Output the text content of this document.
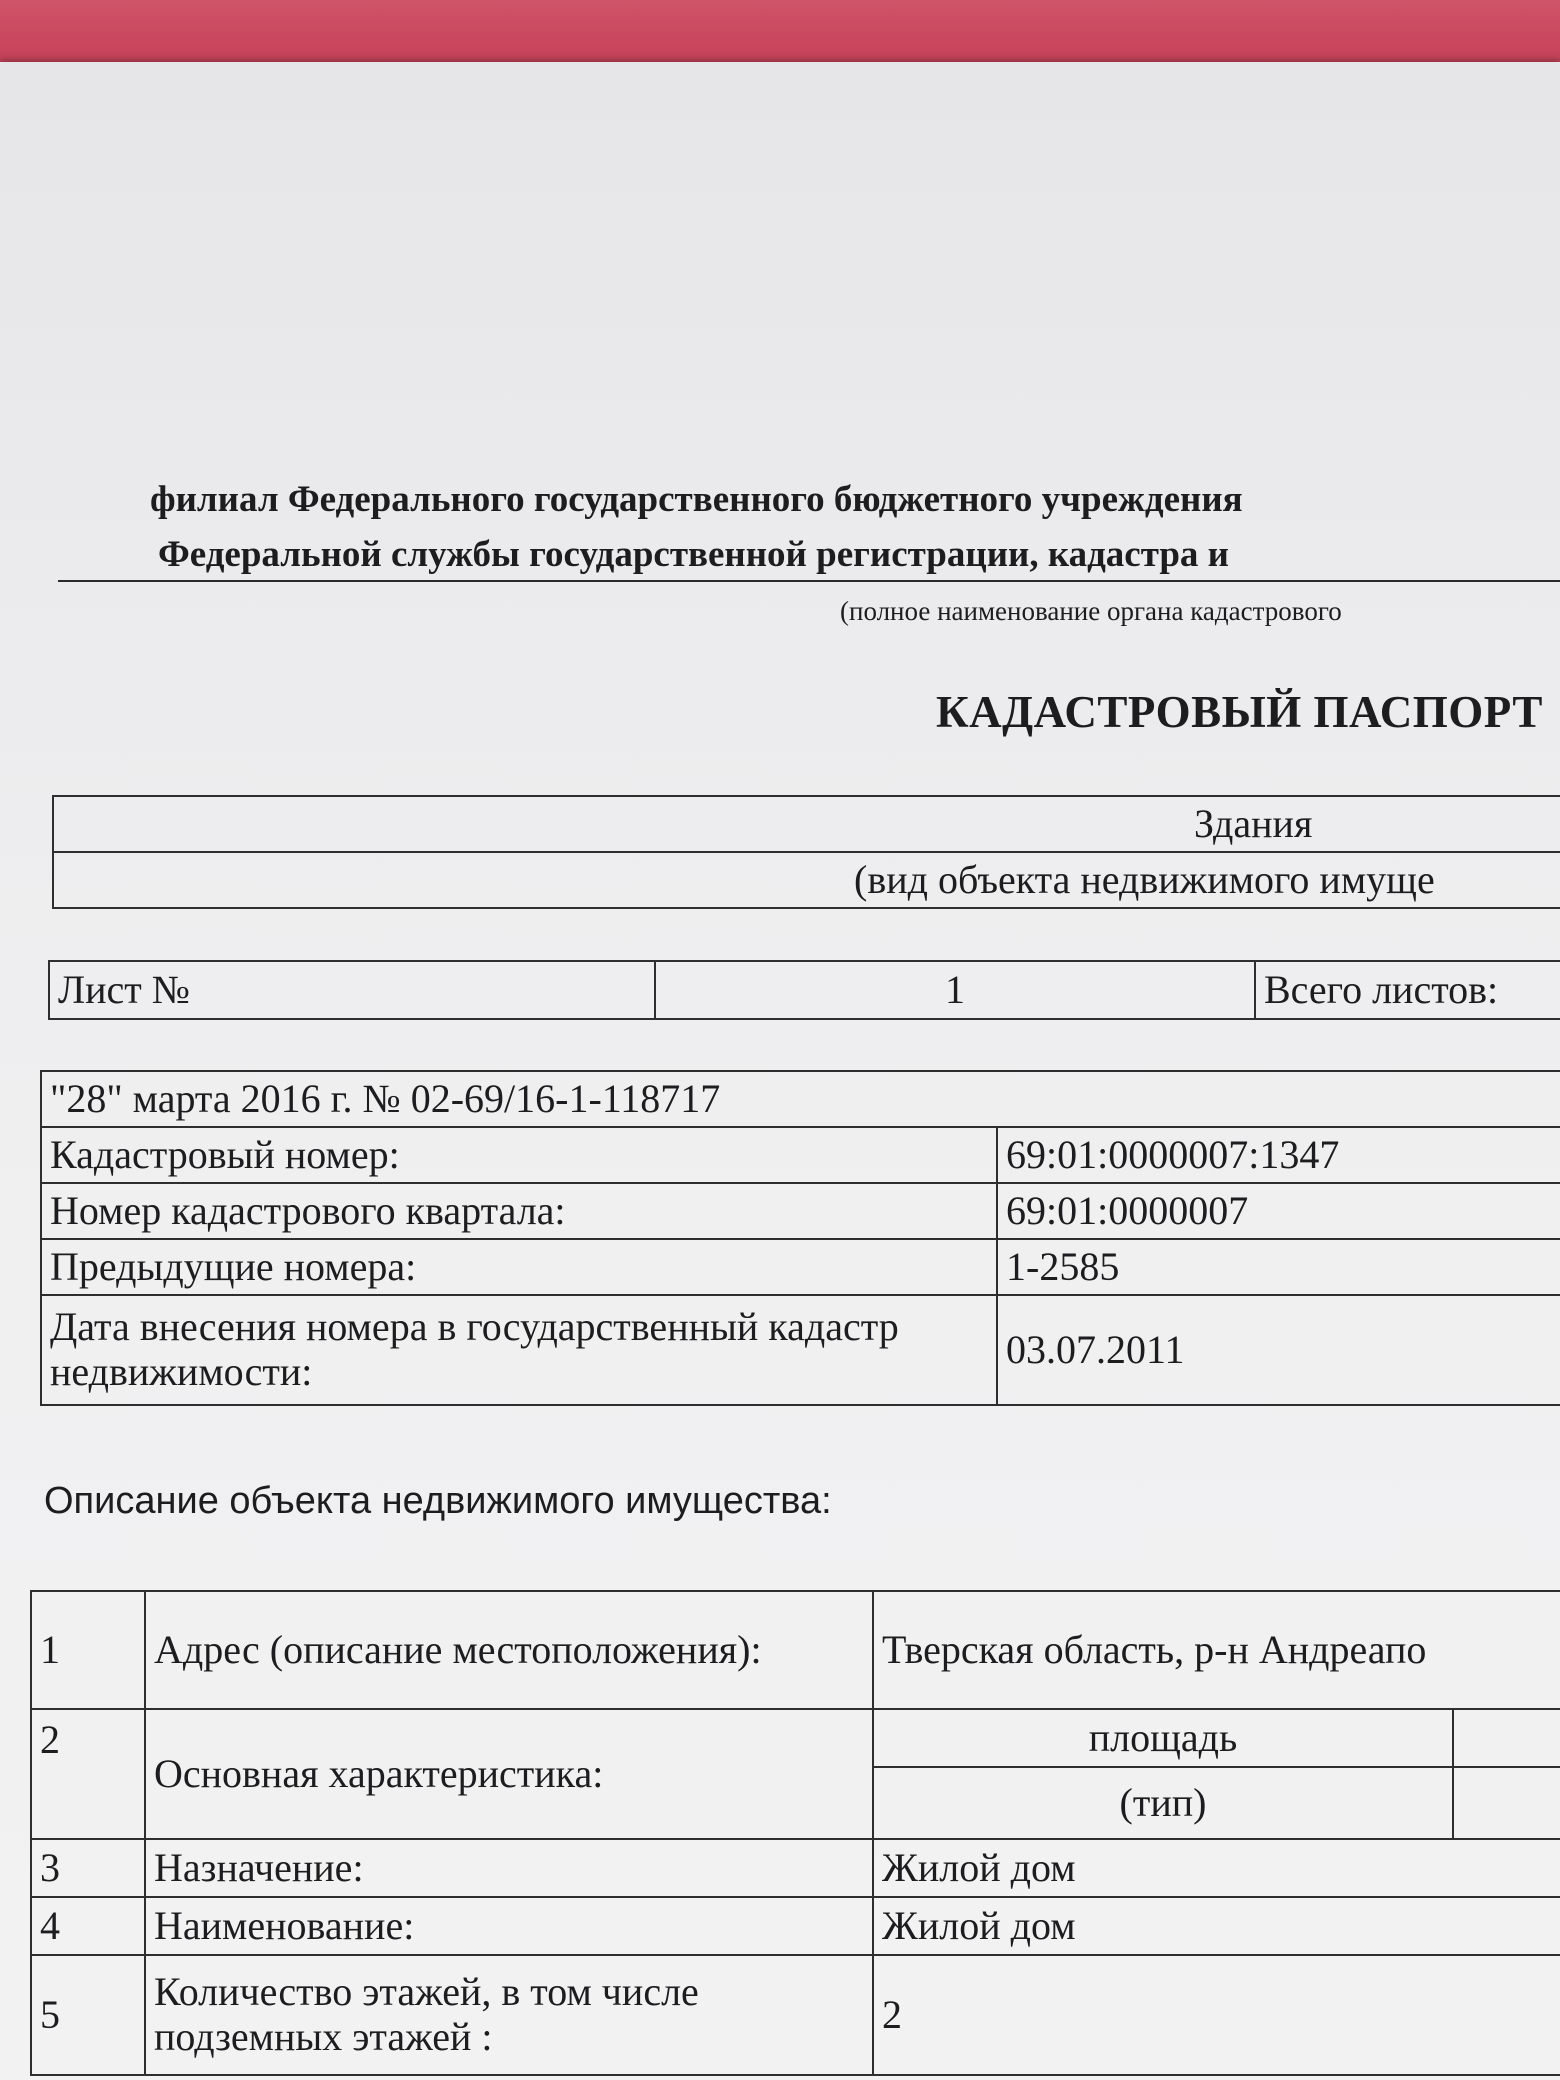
филиал Федерального государственного бюджетного учреждения
Федеральной службы государственной регистрации, кадастра и
(полное наименование органа кадастрового
КАДАСТРОВЫЙ ПАСПОРТ
Здания
(вид объекта недвижимого имуще
Лист №	1	Всего листов:
"28" марта 2016 г. № 02-69/16-1-118717	
Кадастровый номер:	69:01:0000007:1347
Номер кадастрового квартала:	69:01:0000007
Предыдущие номера:	1-2585
Дата внесения номера в государственный кадастр недвижимости:	03.07.2011
Описание объекта недвижимого имущества:
1	Адрес (описание местоположения):	Тверская область, р-н Андреапо	
2	Основная характеристика:	площадь	
		(тип)	
3	Назначение:	Жилой дом	
4	Наименование:	Жилой дом	
5	Количество этажей, в том числе подземных этажей :	2	
